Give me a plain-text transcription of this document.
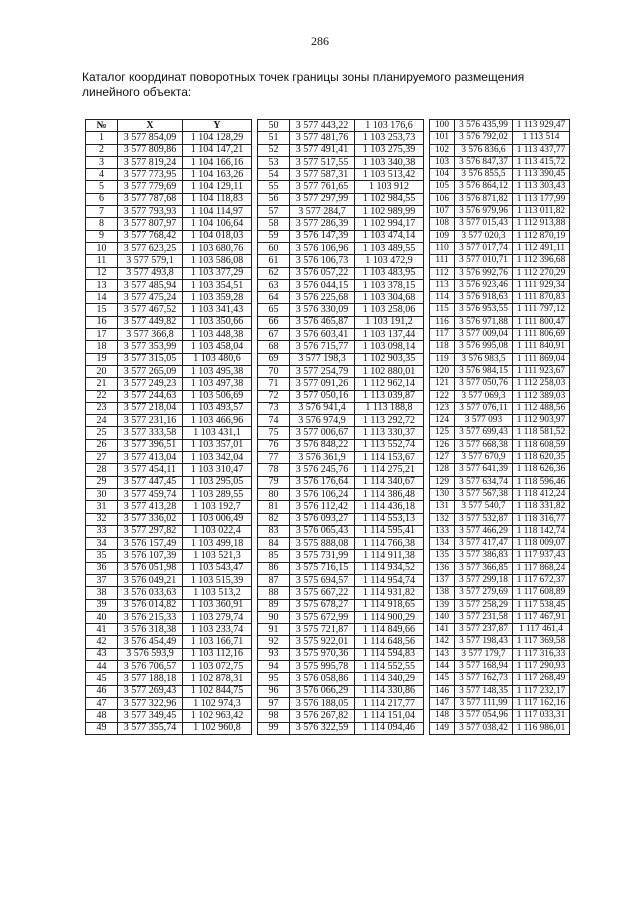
286
Каталог координат поворотных точек границы зоны планируемого размещения линейного объекта:
№	X	Y
1	3 577 854,09	1 104 128,29
2	3 577 809,86	1 104 147,21
3	3 577 819,24	1 104 166,16
4	3 577 773,95	1 104 163,26
5	3 577 779,69	1 104 129,11
6	3 577 787,68	1 104 118,83
7	3 577 793,93	1 104 114,97
8	3 577 807,97	1 104 106,64
9	3 577 768,42	1 104 018,03
10	3 577 623,25	1 103 680,76
11	3 577 579,1	1 103 586,08
12	3 577 493,8	1 103 377,29
13	3 577 485,94	1 103 354,51
14	3 577 475,24	1 103 359,28
15	3 577 467,52	1 103 341,43
16	3 577 449,82	1 103 350,66
17	3 577 366,8	1 103 448,38
18	3 577 353,99	1 103 458,04
19	3 577 315,05	1 103 480,6
20	3 577 265,09	1 103 495,38
21	3 577 249,23	1 103 497,38
22	3 577 244,63	1 103 506,69
23	3 577 218,04	1 103 493,57
24	3 577 231,16	1 103 466,96
25	3 577 333,58	1 103 431,1
26	3 577 396,51	1 103 357,01
27	3 577 413,04	1 103 342,04
28	3 577 454,11	1 103 310,47
29	3 577 447,45	1 103 295,05
30	3 577 459,74	1 103 289,55
31	3 577 413,28	1 103 192,7
32	3 577 336,02	1 103 006,49
33	3 577 297,82	1 103 022,4
34	3 576 157,49	1 103 499,18
35	3 576 107,39	1 103 521,3
36	3 576 051,98	1 103 543,47
37	3 576 049,21	1 103 515,39
38	3 576 033,63	1 103 513,2
39	3 576 014,82	1 103 360,91
40	3 576 215,33	1 103 279,74
41	3 576 318,38	1 103 233,74
42	3 576 454,49	1 103 166,71
43	3 576 593,9	1 103 112,16
44	3 576 706,57	1 103 072,75
45	3 577 188,18	1 102 878,31
46	3 577 269,43	1 102 844,75
47	3 577 322,96	1 102 974,3
48	3 577 349,45	1 102 963,42
49	3 577 355,74	1 102 960,8
50	3 577 443,22	1 103 176,6
51	3 577 481,76	1 103 253,73
52	3 577 491,41	1 103 275,39
53	3 577 517,55	1 103 340,38
54	3 577 587,31	1 103 513,42
55	3 577 761,65	1 103 912
56	3 577 297,99	1 102 984,55
57	3 577 284,7	1 102 989,99
58	3 577 286,39	1 102 994,17
59	3 576 147,39	1 103 474,14
60	3 576 106,96	1 103 489,55
61	3 576 106,73	1 103 472,9
62	3 576 057,22	1 103 483,95
63	3 576 044,15	1 103 378,15
64	3 576 225,68	1 103 304,68
65	3 576 330,09	1 103 258,06
66	3 576 465,87	1 103 191,2
67	3 576 603,41	1 103 137,44
68	3 576 715,77	1 103 098,14
69	3 577 198,3	1 102 903,35
70	3 577 254,79	1 102 880,01
71	3 577 091,26	1 112 962,14
72	3 577 050,16	1 113 039,87
73	3 576 941,4	1 113 188,8
74	3 576 974,9	1 113 292,72
75	3 577 006,67	1 113 330,37
76	3 576 848,22	1 113 552,74
77	3 576 361,9	1 114 153,67
78	3 576 245,76	1 114 275,21
79	3 576 176,64	1 114 340,67
80	3 576 106,24	1 114 386,48
81	3 576 112,42	1 114 436,18
82	3 576 093,27	1 114 553,13
83	3 576 065,43	1 114 595,41
84	3 575 888,08	1 114 766,38
85	3 575 731,99	1 114 911,38
86	3 575 716,15	1 114 934,52
87	3 575 694,57	1 114 954,74
88	3 575 667,22	1 114 931,82
89	3 575 678,27	1 114 918,65
90	3 575 672,99	1 114 900,29
91	3 575 721,87	1 114 849,66
92	3 575 922,01	1 114 648,56
93	3 575 970,36	1 114 594,83
94	3 575 995,78	1 114 552,55
95	3 576 058,86	1 114 340,29
96	3 576 066,29	1 114 330,86
97	3 576 188,05	1 114 217,77
98	3 576 267,82	1 114 151,04
99	3 576 322,59	1 114 094,46
100	3 576 435,99	1 113 929,47
101	3 576 792,02	1 113 514
102	3 576 836,6	1 113 437,77
103	3 576 847,37	1 113 415,72
104	3 576 855,5	1 113 390,45
105	3 576 864,12	1 113 303,43
106	3 576 871,82	1 113 177,99
107	3 576 979,96	1 113 011,82
108	3 577 015,43	1 112 913,88
109	3 577 020,3	1 112 870,19
110	3 577 017,74	1 112 491,11
111	3 577 010,71	1 112 396,68
112	3 576 992,76	1 112 270,29
113	3 576 923,46	1 111 929,34
114	3 576 918,63	1 111 870,83
115	3 576 953,55	1 111 797,12
116	3 576 971,88	1 111 800,47
117	3 577 009,04	1 111 806,69
118	3 576 995,08	1 111 840,91
119	3 576 983,5	1 111 869,04
120	3 576 984,15	1 111 923,67
121	3 577 050,76	1 112 258,03
122	3 577 069,3	1 112 389,03
123	3 577 076,11	1 112 488,56
124	3 577 093	1 112 903,97
125	3 577 699,43	1 118 581,52
126	3 577 668,38	1 118 608,59
127	3 577 670,9	1 118 620,35
128	3 577 641,39	1 118 626,36
129	3 577 634,74	1 118 596,46
130	3 577 567,38	1 118 412,24
131	3 577 540,7	1 118 331,82
132	3 577 532,87	1 118 316,77
133	3 577 466,29	1 118 142,74
134	3 577 417,47	1 118 009,07
135	3 577 386,83	1 117 937,43
136	3 577 366,85	1 117 868,24
137	3 577 299,18	1 117 672,37
138	3 577 279,69	1 117 608,89
139	3 577 258,29	1 117 538,45
140	3 577 231,58	1 117 467,91
141	3 577 237,87	1 117 461,4
142	3 577 198,43	1 117 369,58
143	3 577 179,7	1 117 316,33
144	3 577 168,94	1 117 290,93
145	3 577 162,73	1 117 268,49
146	3 577 148,35	1 117 232,17
147	3 577 111,99	1 117 162,16
148	3 577 054,96	1 117 033,31
149	3 577 038,42	1 116 986,01
